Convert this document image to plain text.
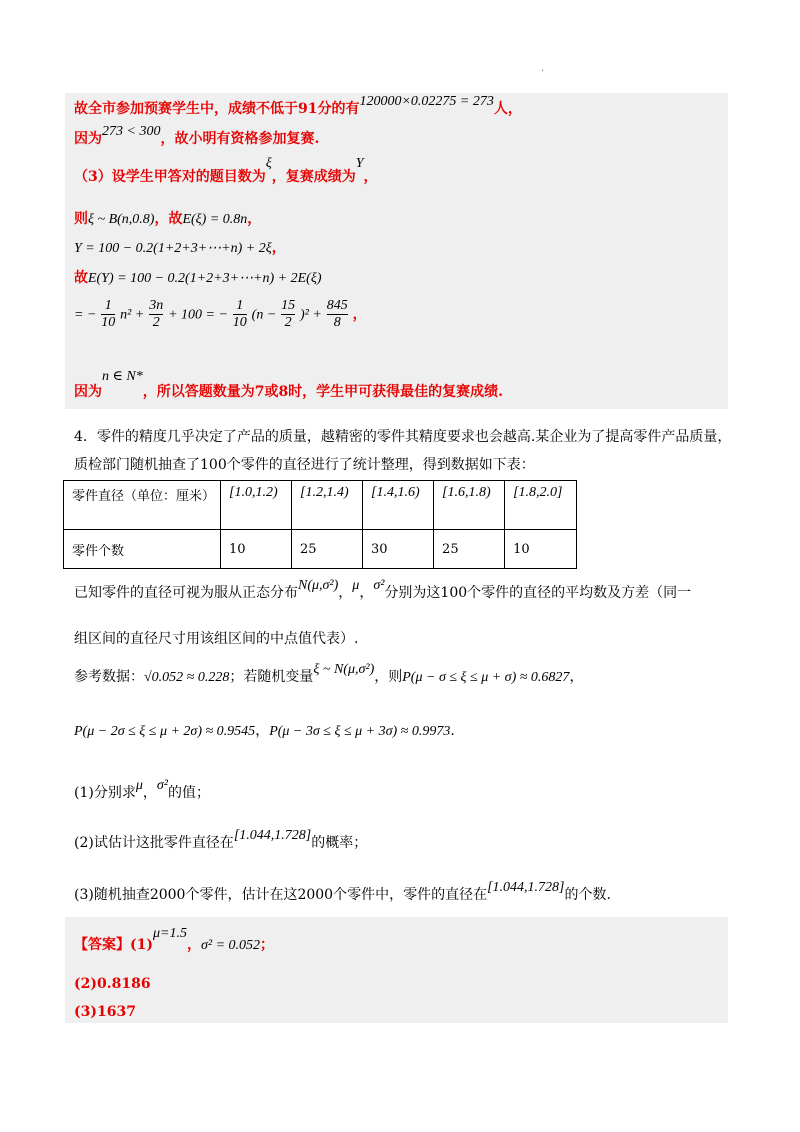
·
故全市参加预赛学生中，成绩不低于91分的有120000×0.02275 = 273人，
因为273 < 300，故小明有资格参加复赛.
（3）设学生甲答对的题目数为ξ，复赛成绩为Y，
则ξ ~ B(n,0.8)，故E(ξ) = 0.8n，
Y = 100 − 0.2(1+2+3+⋯+n) + 2ξ，
故E(Y) = 100 − 0.2(1+2+3+⋯+n) + 2E(ξ)
= − $\frac{1}{10} n^2 + \frac{3n}{2} + 100$ = − $\frac{1}{10} (n - \frac{15}{2} )^2 + \frac{845}{8}$ ，
因为n ∈ N*，所以答题数量为7或8时，学生甲可获得最佳的复赛成绩.
4．零件的精度几乎决定了产品的质量，越精密的零件其精度要求也会越高.某企业为了提高零件产品质量，
质检部门随机抽查了100个零件的直径进行了统计整理，得到数据如下表：
零件直径（单位：厘米）	[1.0,1.2)	[1.2,1.4)	[1.4,1.6)	[1.6,1.8)	[1.8,2.0]
零件个数	10	25	30	25	10
已知零件的直径可视为服从正态分布N(μ,σ²)，μ，σ²分别为这100个零件的直径的平均数及方差（同一
组区间的直径尺寸用该组区间的中点值代表）.
参考数据：√0.052 ≈ 0.228；若随机变量ξ ~ N(μ,σ²)，则P(μ − σ ≤ ξ ≤ μ + σ) ≈ 0.6827，
P(μ − 2σ ≤ ξ ≤ μ + 2σ) ≈ 0.9545，P(μ − 3σ ≤ ξ ≤ μ + 3σ) ≈ 0.9973.
(1)分别求μ，σ²的值；
(2)试估计这批零件直径在[1.044,1.728]的概率；
(3)随机抽查2000个零件，估计在这2000个零件中，零件的直径在[1.044,1.728]的个数.
【答案】(1)μ=1.5，σ² = 0.052；
(2)0.8186
(3)1637
